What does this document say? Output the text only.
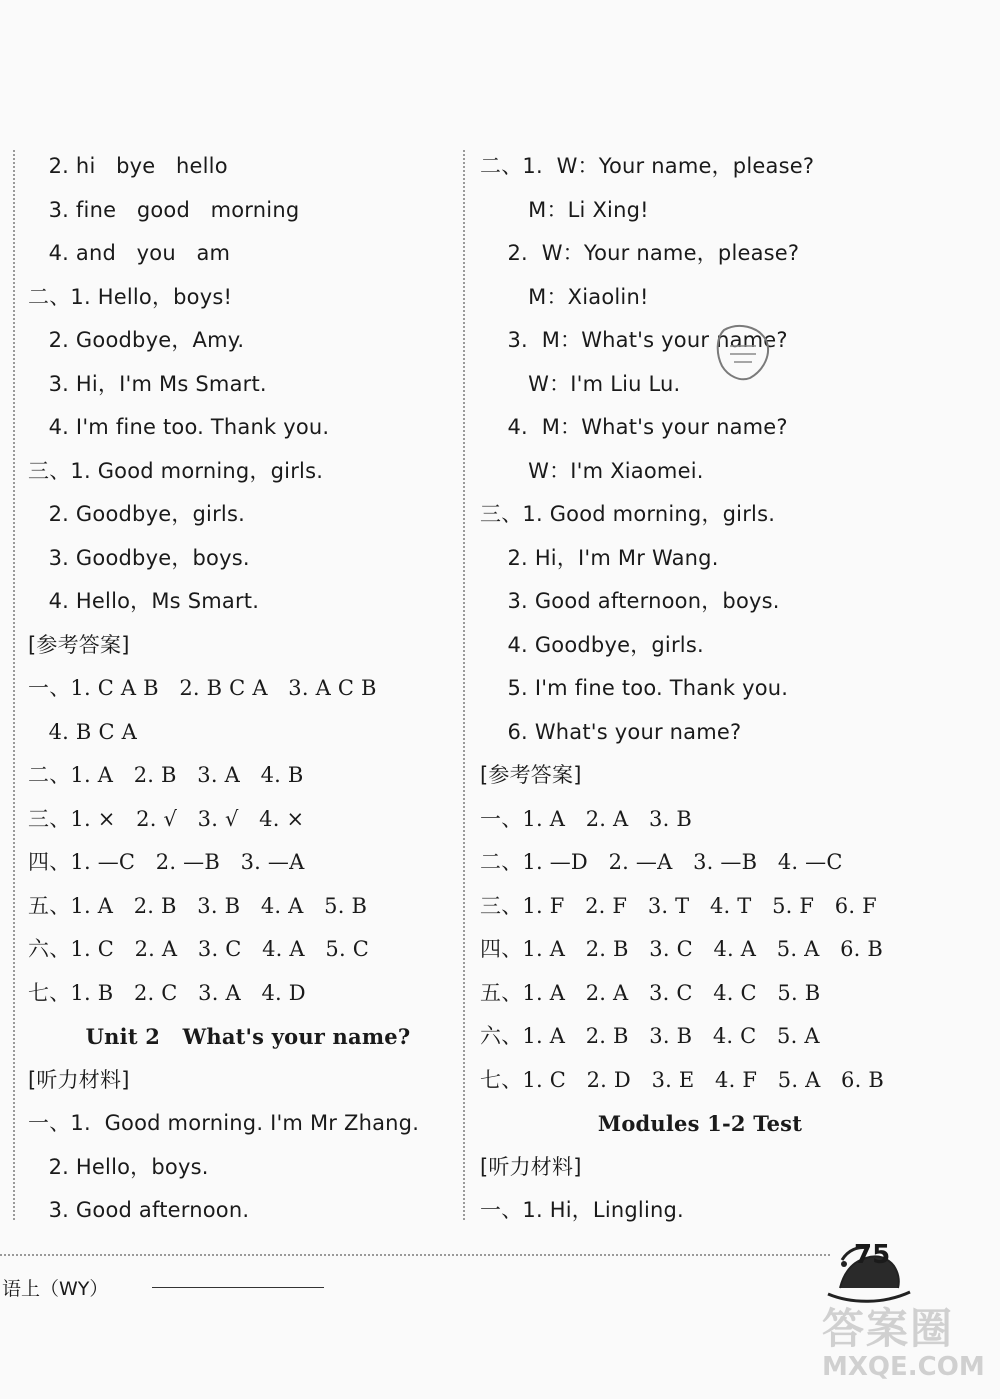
2. hi   bye   hello
3. fine   good   morning
4. and   you   am
二、1. Hello，boys!
2. Goodbye，Amy.
3. Hi，I'm Ms Smart.
4. I'm fine too. Thank you.
三、1. Good morning，girls.
2. Goodbye，girls.
3. Goodbye，boys.
4. Hello，Ms Smart.
[参考答案]
一、1. C A B   2. B C A   3. A C B
4. B C A
二、1. A   2. B   3. A   4. B
三、1. ×   2. √   3. √   4. ×
四、1. —C   2. —B   3. —A
五、1. A   2. B   3. B   4. A   5. B
六、1. C   2. A   3. C   4. A   5. C
七、1. B   2. C   3. A   4. D
Unit 2   What's your name?
[听力材料]
一、1.  Good morning. I'm Mr Zhang.
2. Hello，boys.
3. Good afternoon.
二、1.  W：Your name，please?
M：Li Xing!
2.  W：Your name，please?
M：Xiaolin!
3.  M：What's your name?
W：I'm Liu Lu.
4.  M：What's your name?
W：I'm Xiaomei.
三、1. Good morning，girls.
2. Hi，I'm Mr Wang.
3. Good afternoon，boys.
4. Goodbye，girls.
5. I'm fine too. Thank you.
6. What's your name?
[参考答案]
一、1. A   2. A   3. B
二、1. —D   2. —A   3. —B   4. —C
三、1. F   2. F   3. T   4. T   5. F   6. F
四、1. A   2. B   3. C   4. A   5. A   6. B
五、1. A   2. A   3. C   4. C   5. B
六、1. A   2. B   3. B   4. C   5. A
七、1. C   2. D   3. E   4. F   5. A   6. B
Modules 1-2 Test
[听力材料]
一、1. Hi，Lingling.
语上（WY）
75
答案圈
MXQE.COM
